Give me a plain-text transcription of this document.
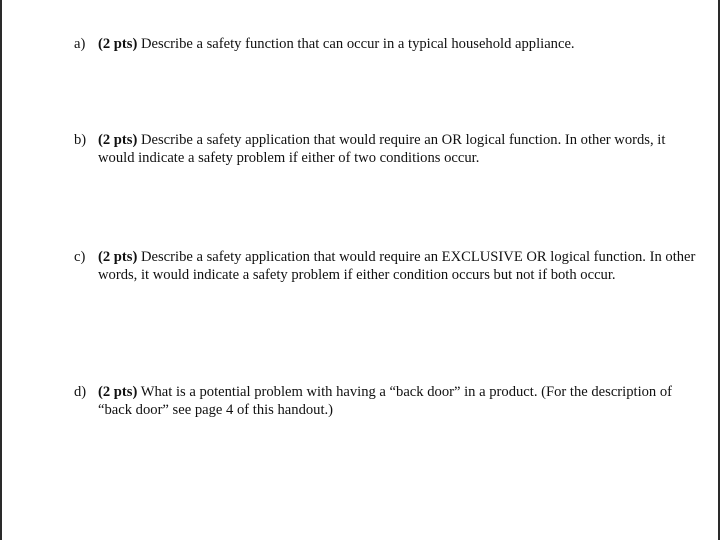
a) (2 pts) Describe a safety function that can occur in a typical household appliance.
b) (2 pts) Describe a safety application that would require an OR logical function. In other words, it would indicate a safety problem if either of two conditions occur.
c) (2 pts) Describe a safety application that would require an EXCLUSIVE OR logical function. In other words, it would indicate a safety problem if either condition occurs but not if both occur.
d) (2 pts) What is a potential problem with having a “back door” in a product. (For the description of “back door” see page 4 of this handout.)
